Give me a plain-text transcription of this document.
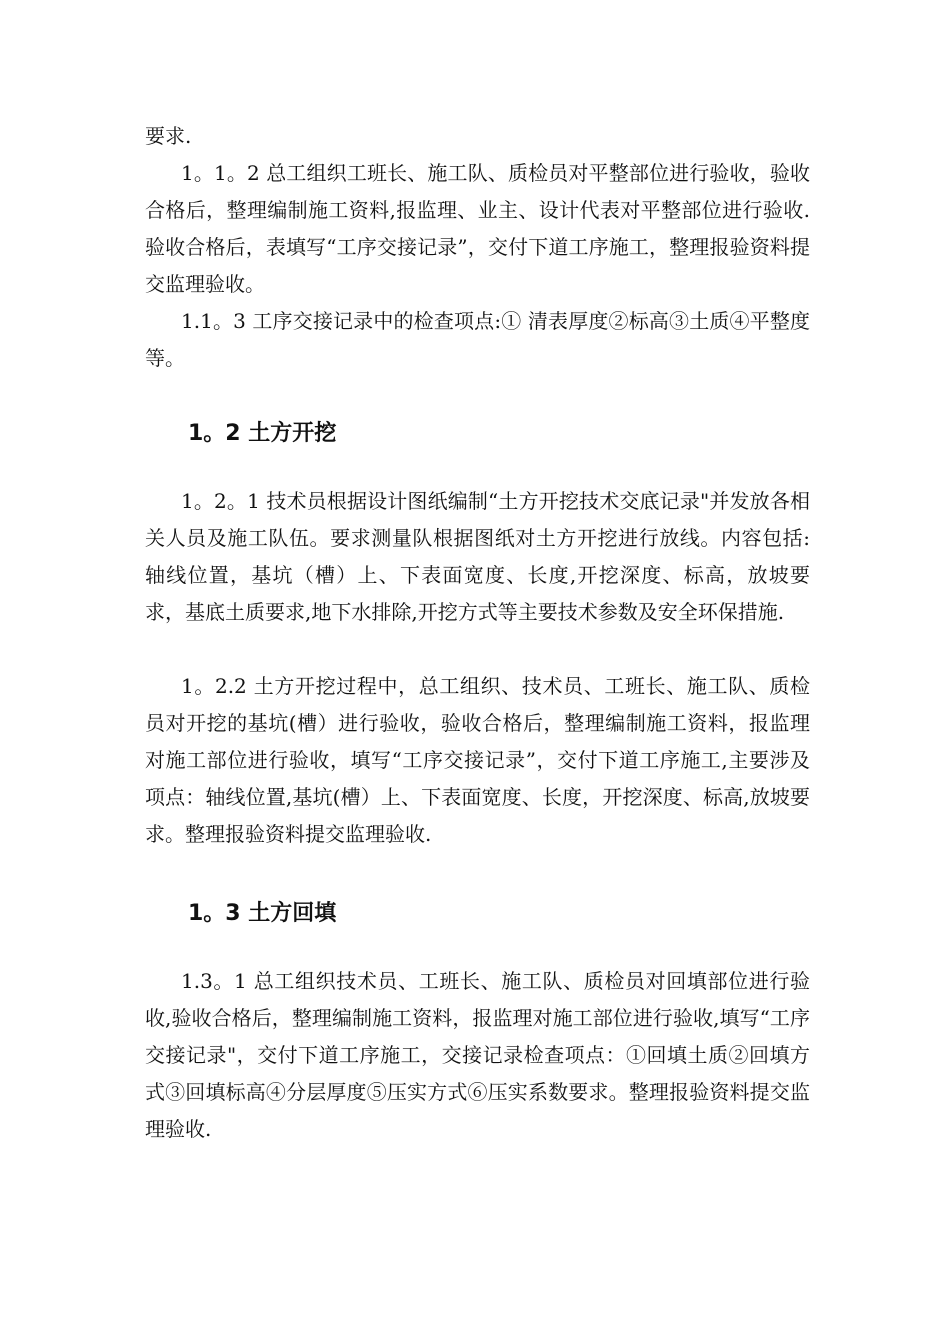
要求.

1。1。2 总工组织工班长、施工队、质检员对平整部位进行验收，验收合格后，整理编制施工资料,报监理、业主、设计代表对平整部位进行验收.验收合格后，表填写“工序交接记录”，交付下道工序施工，整理报验资料提交监理验收。

1.1。3 工序交接记录中的检查项点:① 清表厚度②标高③土质④平整度等。

1。2 土方开挖

1。2。1 技术员根据设计图纸编制“土方开挖技术交底记录"并发放各相关人员及施工队伍。要求测量队根据图纸对土方开挖进行放线。内容包括:轴线位置，基坑（槽）上、下表面宽度、长度,开挖深度、标高，放坡要求，基底土质要求,地下水排除,开挖方式等主要技术参数及安全环保措施.

1。2.2 土方开挖过程中，总工组织、技术员、工班长、施工队、质检员对开挖的基坑(槽）进行验收，验收合格后，整理编制施工资料，报监理对施工部位进行验收，填写“工序交接记录”，交付下道工序施工,主要涉及项点：轴线位置,基坑(槽）上、下表面宽度、长度，开挖深度、标高,放坡要求。整理报验资料提交监理验收.

1。3 土方回填

1.3。1 总工组织技术员、工班长、施工队、质检员对回填部位进行验收,验收合格后，整理编制施工资料，报监理对施工部位进行验收,填写“工序交接记录"，交付下道工序施工，交接记录检查项点：①回填土质②回填方式③回填标高④分层厚度⑤压实方式⑥压实系数要求。整理报验资料提交监理验收.
